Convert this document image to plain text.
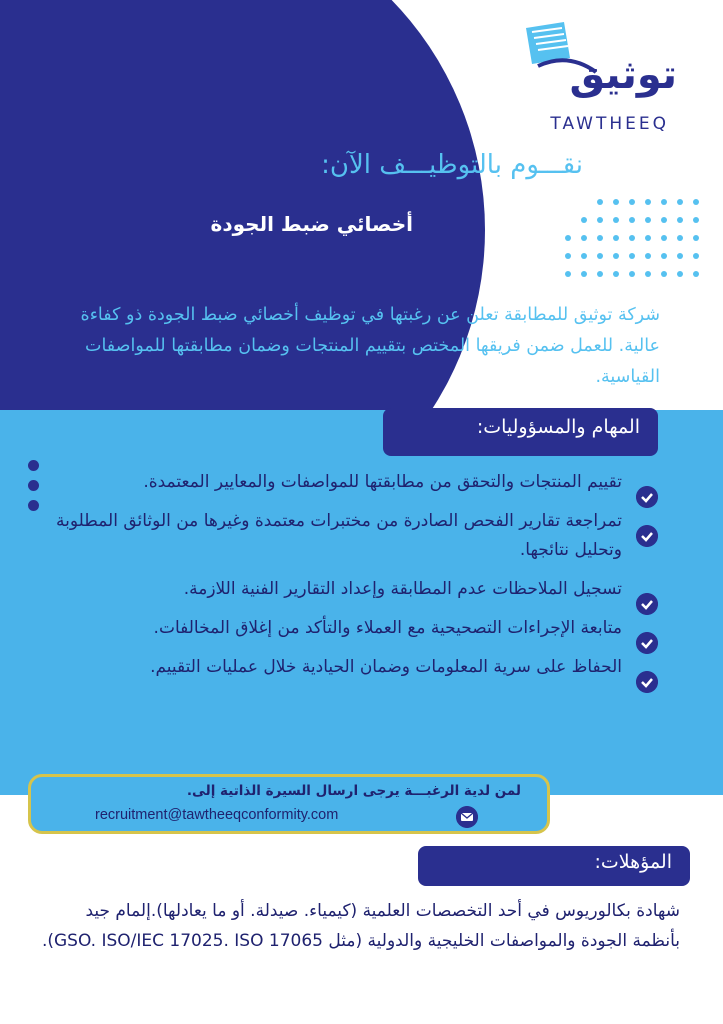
توثيق
TAWTHEEQ
نقـــوم بالتوظيـــف الآن:
أخصائي ضبط الجودة
شركة توثيق للمطابقة تعلن عن رغبتها في توظيف أخصائي ضبط الجودة ذو كفاءة عالية. للعمل ضمن فريقها المختص بتقييم المنتجات وضمان مطابقتها للمواصفات القياسية.
المهام والمسؤوليات:
تقييم المنتجات والتحقق من مطابقتها للمواصفات والمعايير المعتمدة.
تمراجعة تقارير الفحص الصادرة من مختبرات معتمدة وغيرها من الوثائق المطلوبة وتحليل نتائجها.
تسجيل الملاحظات عدم المطابقة وإعداد التقارير الفنية اللازمة.
متابعة الإجراءات التصحيحية مع العملاء والتأكد من إغلاق المخالفات.
الحفاظ على سرية المعلومات وضمان الحيادية خلال عمليات التقييم.
لمن لدية الرغبـــة يرجى ارسال السيرة الذاتية إلى.
recruitment@tawtheeqconformity.com
المؤهلات:
شهادة بكالوريوس في أحد التخصصات العلمية (كيمياء. صيدلة. أو ما يعادلها).إلمام جيد بأنظمة الجودة والمواصفات الخليجية والدولية (مثل GSO. ISO/IEC 17025. ISO 17065).
